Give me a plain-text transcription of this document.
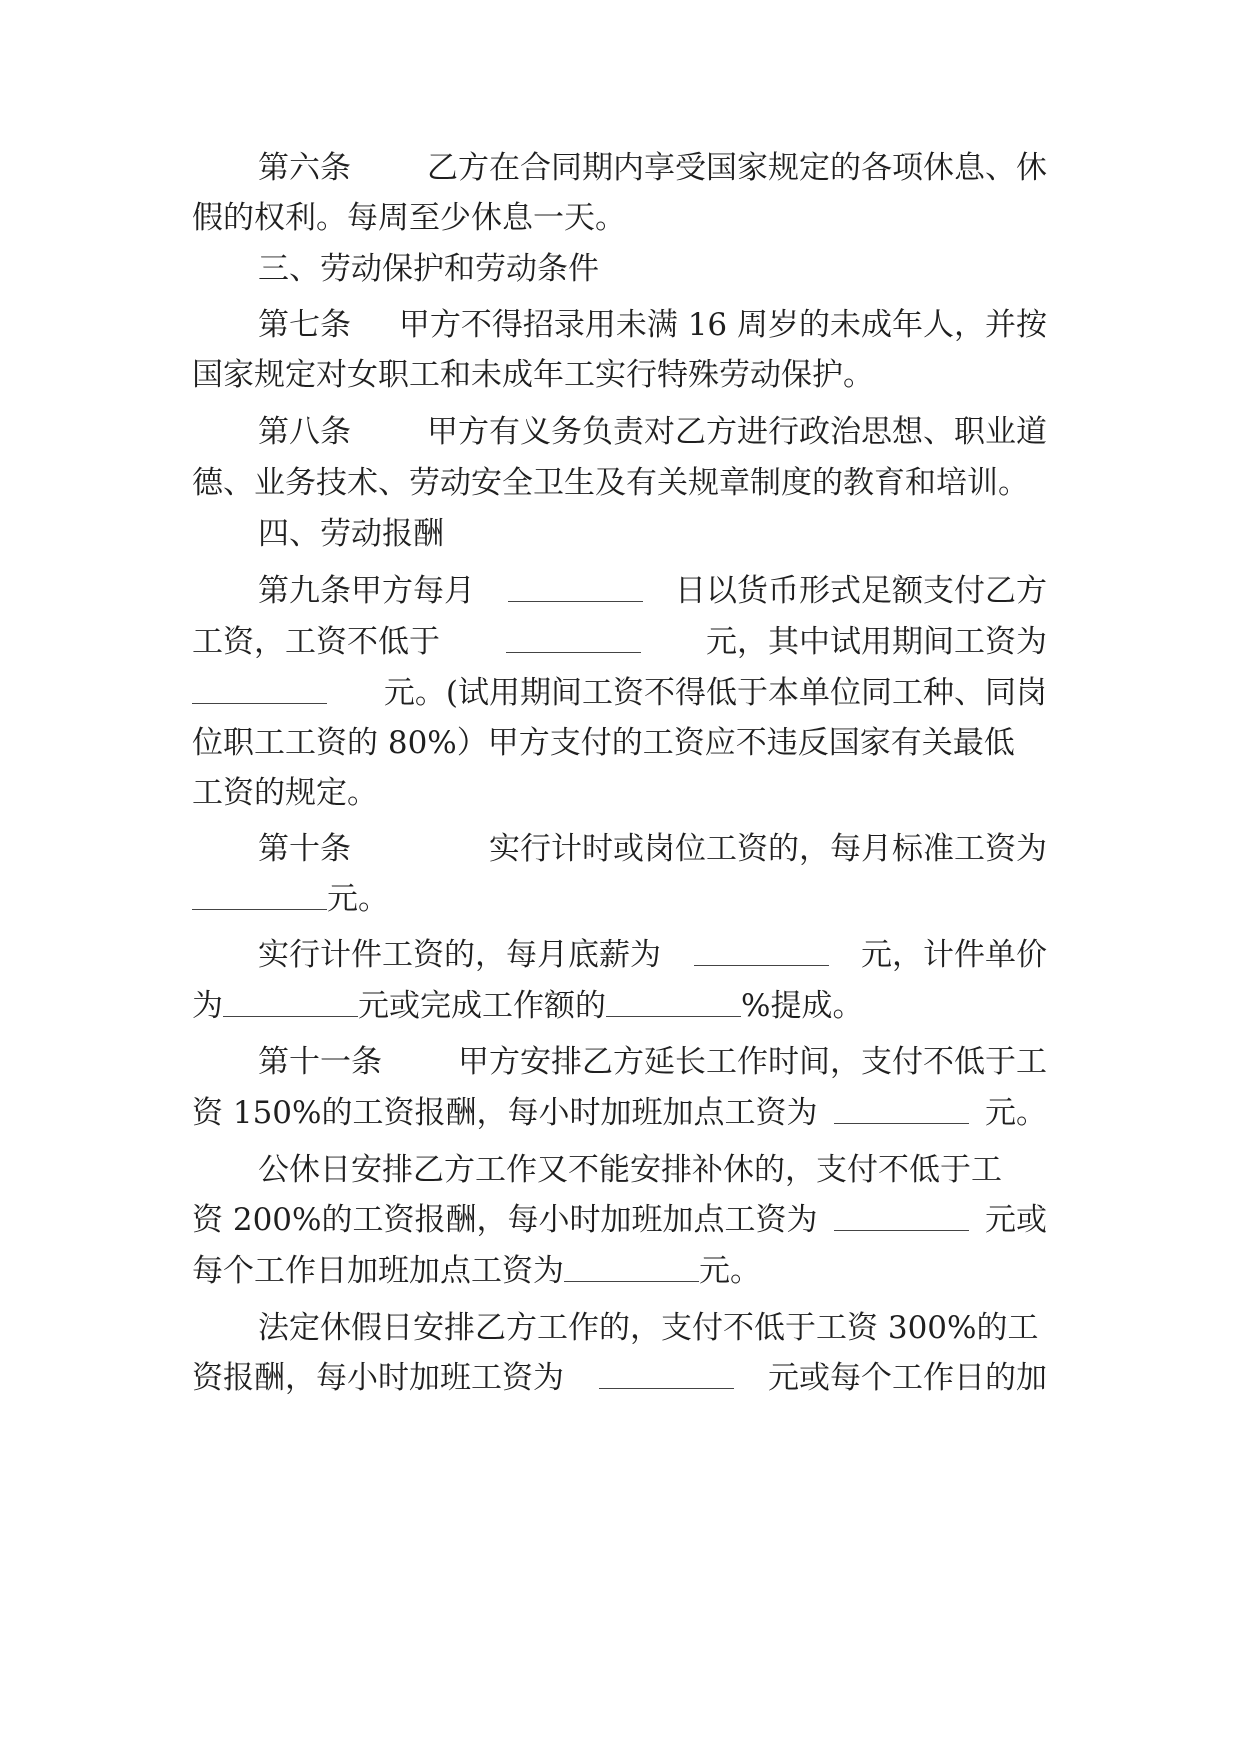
第六条 乙方在合同期内享受国家规定的各项休息、休
假的权利。每周至少休息一天。
三、劳动保护和劳动条件
第七条 甲方不得招录用未满 16 周岁的未成年人，并按
国家规定对女职工和未成年工实行特殊劳动保护。
第八条 甲方有义务负责对乙方进行政治思想、职业道
德、业务技术、劳动安全卫生及有关规章制度的教育和培训。
四、劳动报酬
第九条甲方每月	日以货币形式足额支付乙方
工资，工资不低于	元，其中试用期间工资为
元。(试用期间工资不得低于本单位同工种、同岗
位职工工资的 80%）甲方支付的工资应不违反国家有关最低
工资的规定。
第十条	实行计时或岗位工资的，每月标准工资为
元。
实行计件工资的，每月底薪为	元，计件单价
为	元或完成工作额的	%提成。
第十一条 甲方安排乙方延长工作时间，支付不低于工
资 150%的工资报酬，每小时加班加点工资为	元。
公休日安排乙方工作又不能安排补休的，支付不低于工
资 200%的工资报酬，每小时加班加点工资为	元或
每个工作日加班加点工资为	元。
法定休假日安排乙方工作的，支付不低于工资 300%的工
资报酬，每小时加班工资为	元或每个工作日的加
